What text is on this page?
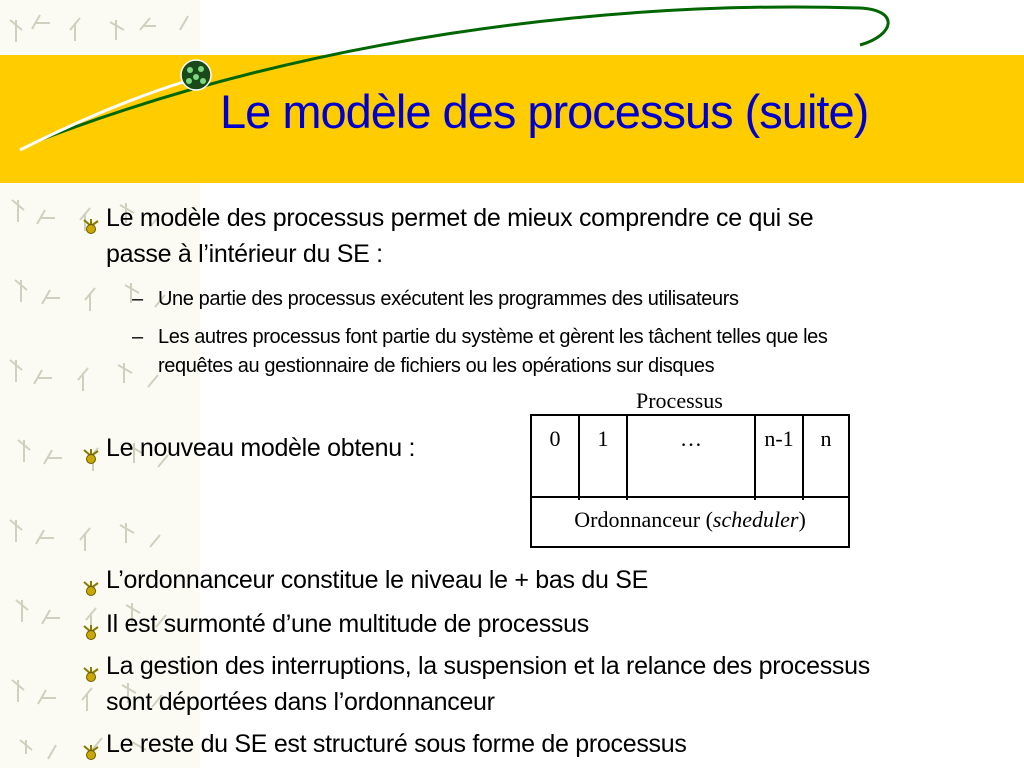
Le modèle des processus (suite)
Le modèle des processus permet de mieux comprendre ce qui se
passe à l’intérieur du SE :
– Une partie des processus exécutent les programmes des utilisateurs
– Les autres processus font partie du système et gèrent les tâchent telles que les
requêtes au gestionnaire de fichiers ou les opérations sur disques
Le nouveau modèle obtenu :
Processus
0	1	…	n-1	n
Ordonnanceur (scheduler)
L’ordonnanceur constitue le niveau le + bas du SE
Il est surmonté d’une multitude de processus
La gestion des interruptions, la suspension et la relance des processus
sont déportées dans l’ordonnanceur
Le reste du SE est structuré sous forme de processus
